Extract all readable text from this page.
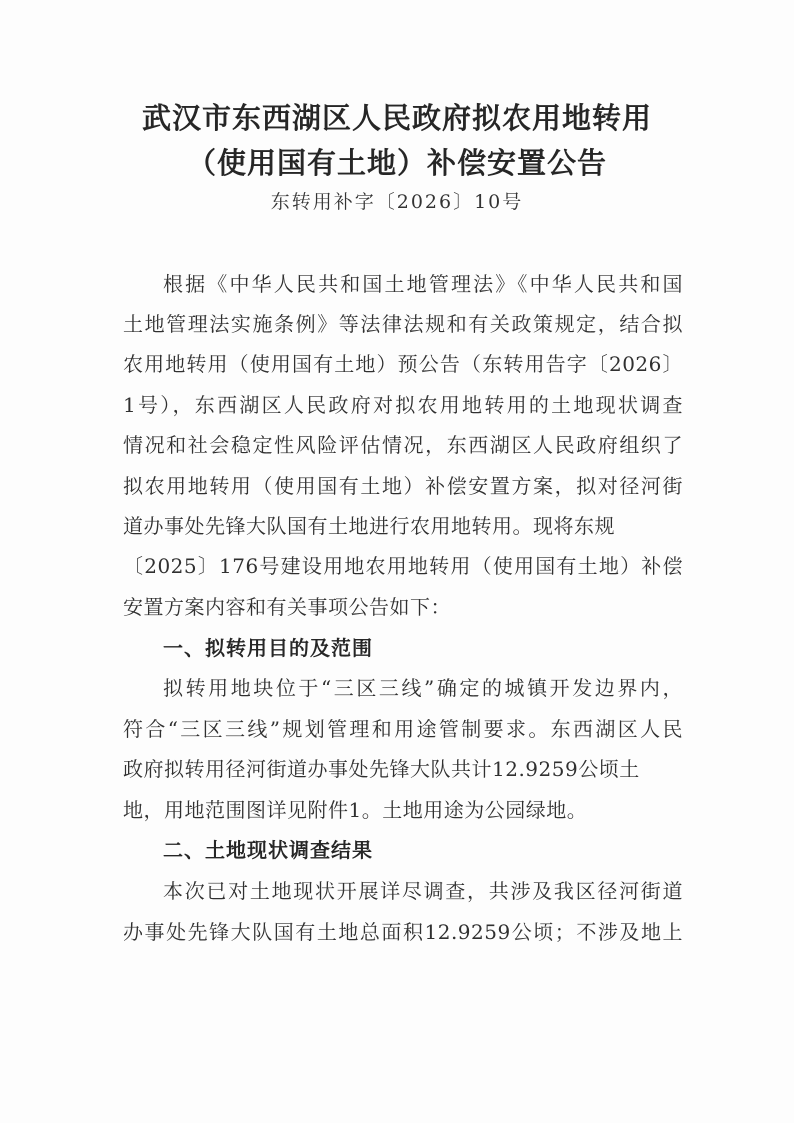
武汉市东西湖区人民政府拟农用地转用
（使用国有土地）补偿安置公告
东转用补字〔2026〕10号
根据《中华人民共和国土地管理法》《中华人民共和国
土地管理法实施条例》等法律法规和有关政策规定，结合拟
农用地转用（使用国有土地）预公告（东转用告字〔2026〕
1号），东西湖区人民政府对拟农用地转用的土地现状调查
情况和社会稳定性风险评估情况，东西湖区人民政府组织了
拟农用地转用（使用国有土地）补偿安置方案，拟对径河街
道办事处先锋大队国有土地进行农用地转用。现将东规
〔2025〕176号建设用地农用地转用（使用国有土地）补偿
安置方案内容和有关事项公告如下：
一、拟转用目的及范围
拟转用地块位于“三区三线”确定的城镇开发边界内，
符合“三区三线”规划管理和用途管制要求。东西湖区人民
政府拟转用径河街道办事处先锋大队共计12.9259公顷土
地，用地范围图详见附件1。土地用途为公园绿地。
二、土地现状调查结果
本次已对土地现状开展详尽调查，共涉及我区径河街道
办事处先锋大队国有土地总面积12.9259公顷；不涉及地上
